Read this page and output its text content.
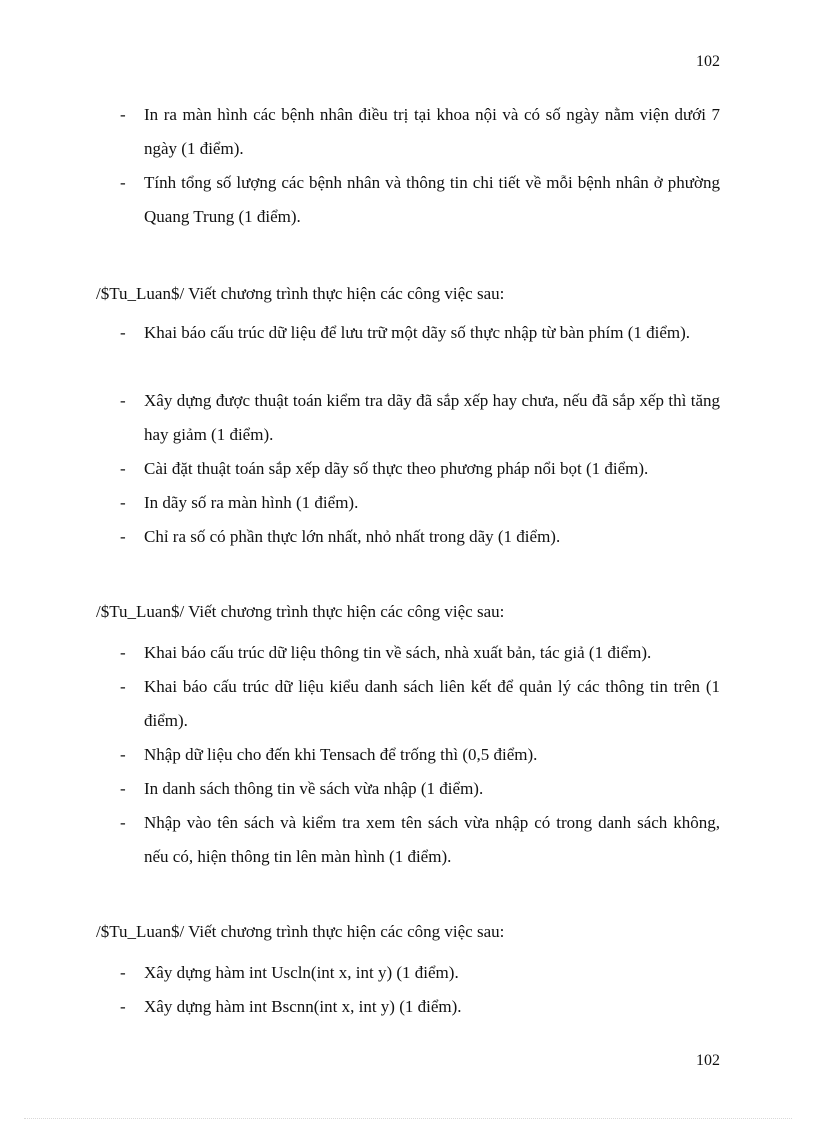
102
-	In ra màn hình các bệnh nhân điều trị tại khoa nội và có số ngày nằm viện dưới 7 ngày (1 điểm).
-	Tính tổng số lượng các bệnh nhân và thông tin chi tiết về mỗi bệnh nhân ở phường Quang Trung (1 điểm).
/$Tu_Luan$/ Viết chương trình thực hiện các công việc sau:
-	Khai báo cấu trúc dữ liệu để lưu trữ một dãy số thực nhập từ bàn phím (1 điểm).
-	Xây dựng được thuật toán kiểm tra dãy đã sắp xếp hay chưa, nếu đã sắp xếp thì tăng hay giảm (1 điểm).
-	Cài đặt thuật toán sắp xếp dãy số thực theo phương pháp nổi bọt (1 điểm).
-	In dãy số ra màn hình (1 điểm).
-	Chỉ ra số có phần thực lớn nhất, nhỏ nhất trong dãy (1 điểm).
/$Tu_Luan$/ Viết chương trình thực hiện các công việc sau:
-	Khai báo cấu trúc dữ liệu thông tin về sách, nhà xuất bản, tác giả (1 điểm).
-	Khai báo cấu trúc dữ liệu kiểu danh sách liên kết để quản lý các thông tin trên (1 điểm).
-	Nhập dữ liệu cho đến khi Tensach để trống thì (0,5 điểm).
-	In danh sách thông tin về sách vừa nhập (1 điểm).
-	Nhập vào tên sách và kiểm tra xem tên sách vừa nhập có trong danh sách không, nếu có, hiện thông tin lên màn hình (1 điểm).
/$Tu_Luan$/ Viết chương trình thực hiện các công việc sau:
-	Xây dựng hàm int Uscln(int x, int y) (1 điểm).
-	Xây dựng hàm int Bscnn(int x, int y) (1 điểm).
102
